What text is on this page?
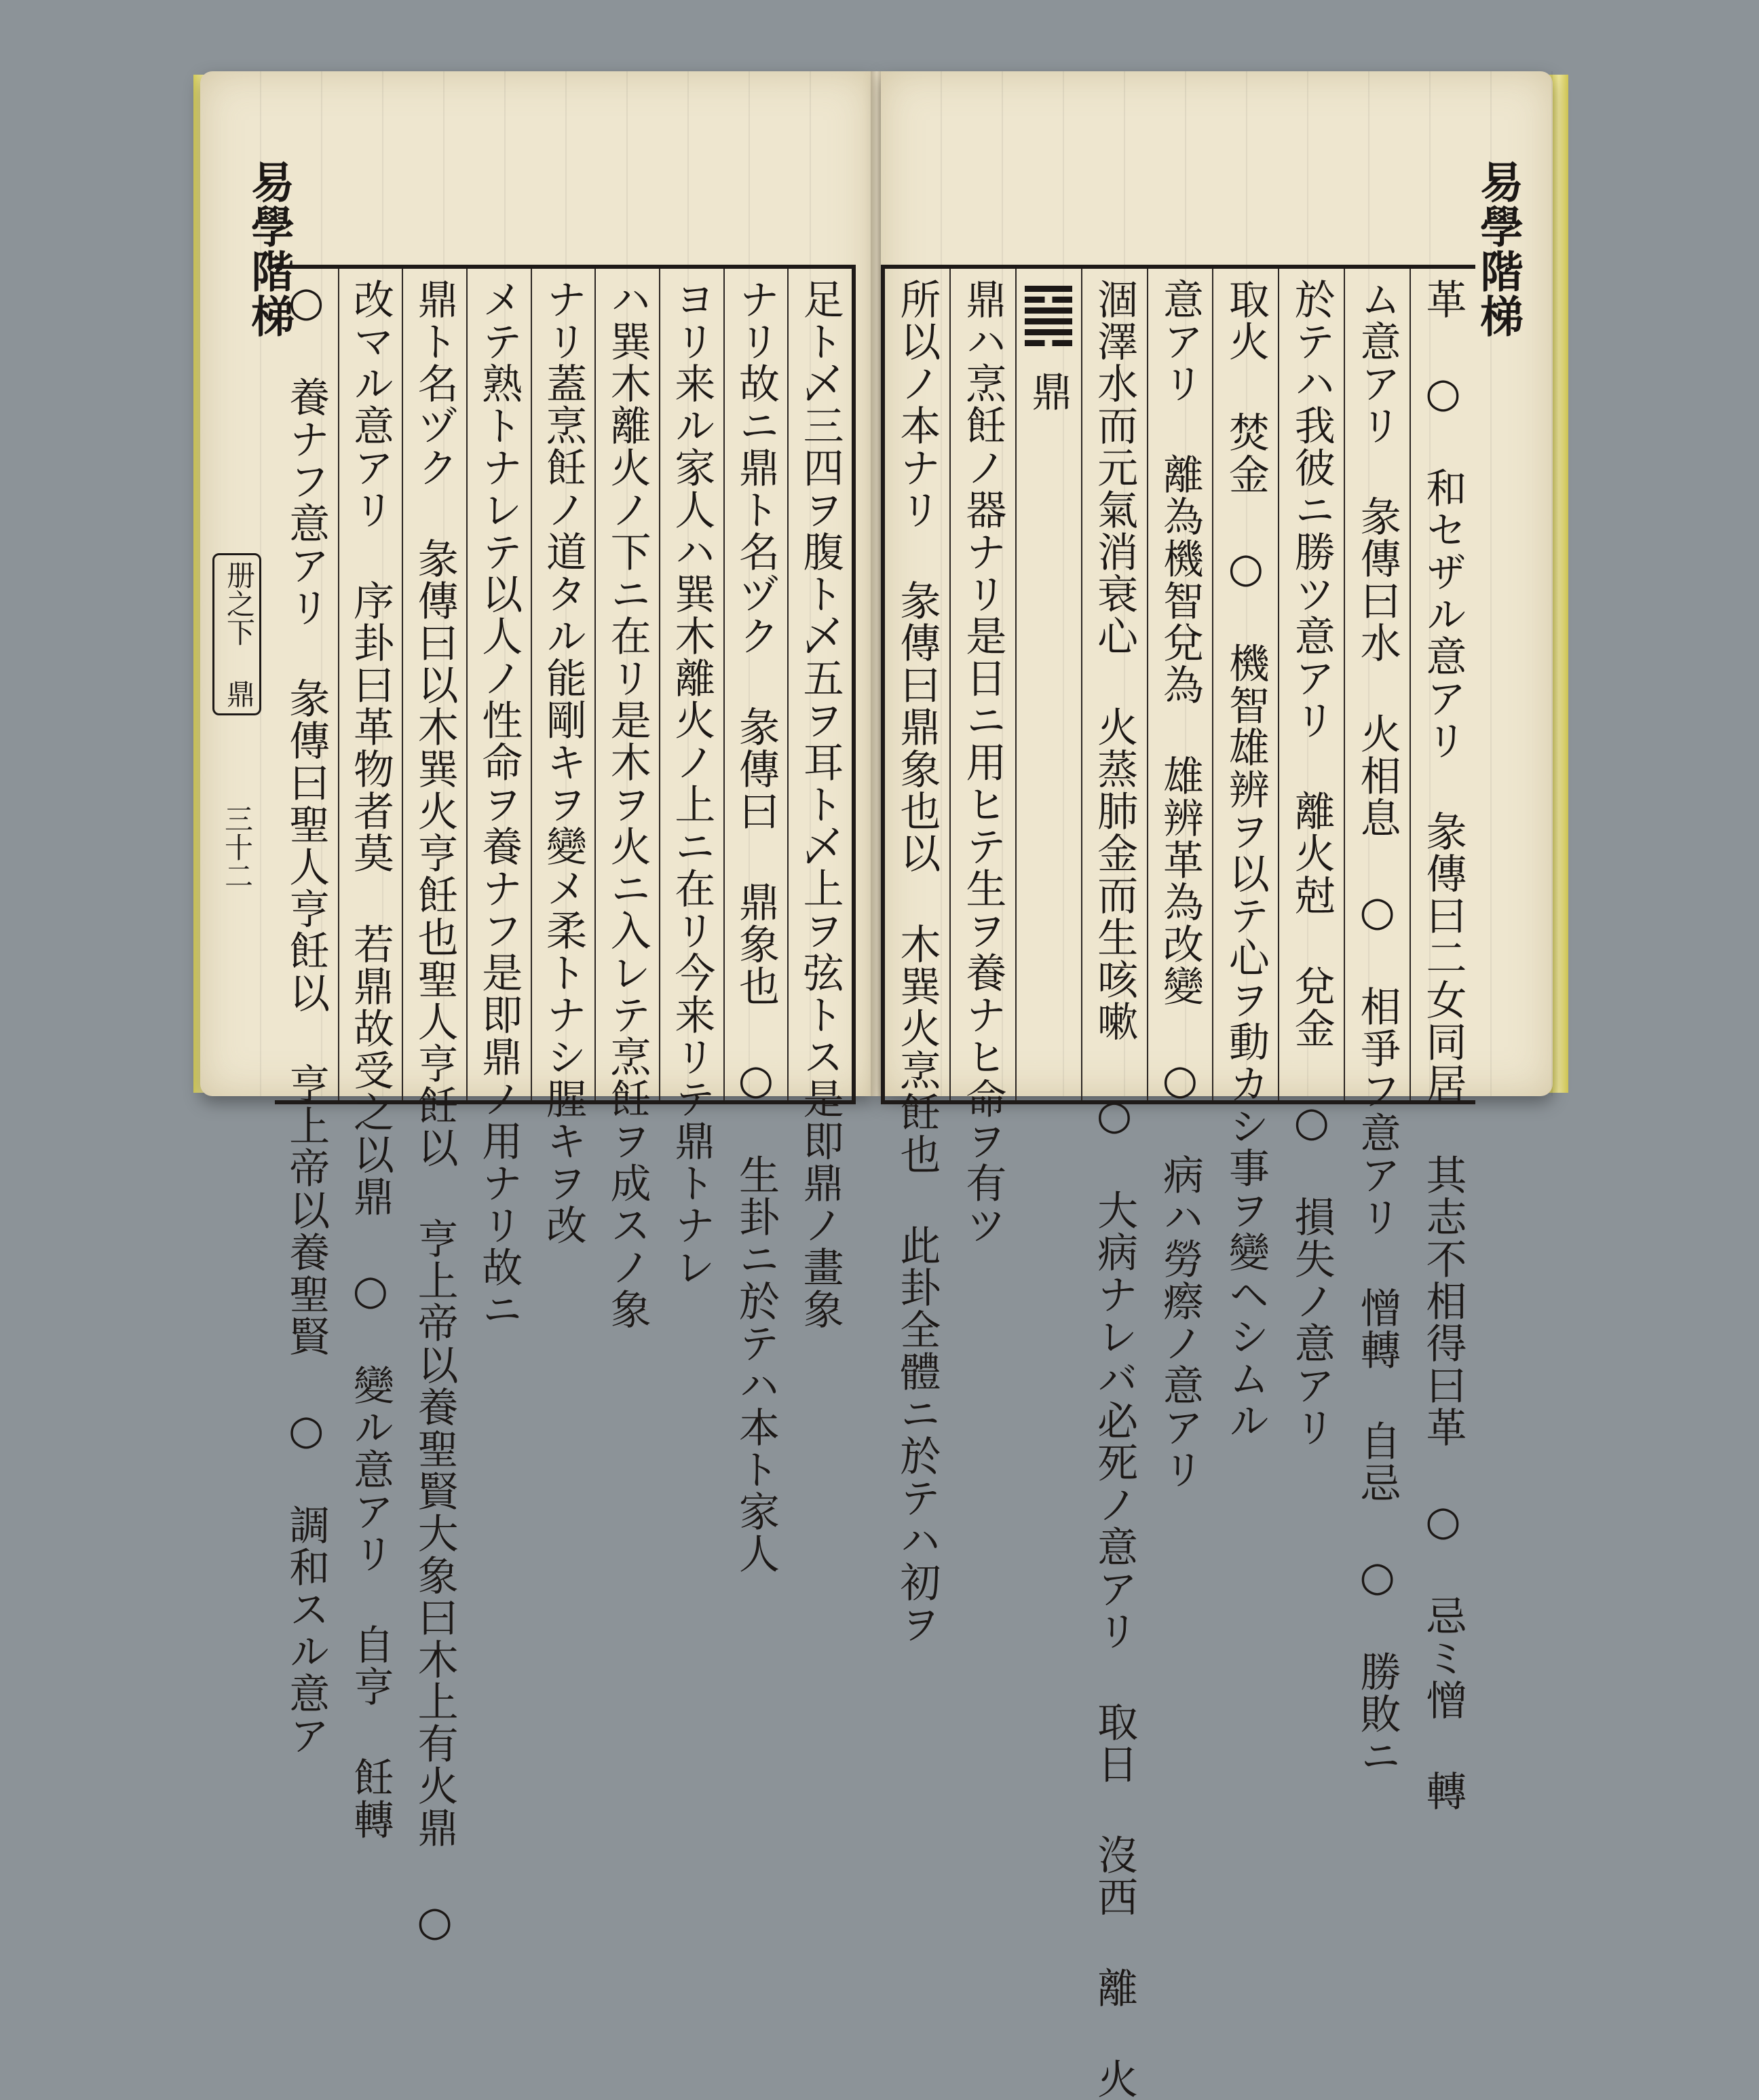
易學階梯
册之下 鼎
三十二	足ト乄三四ヲ腹ト乄五ヲ耳ト乄上ヲ弦トス是即鼎ノ畫象
ナリ故ニ鼎ト名ヅク 彖傳曰 鼎象也 ○ 生卦ニ於テハ本ト家人
ヨリ来ル家人ハ巽木離火ノ上ニ在リ今来リテ鼎トナレ
ハ巽木離火ノ下ニ在リ是木ヲ火ニ入レテ烹飪ヲ成スノ象
ナリ蓋烹飪ノ道タル能剛キヲ變メ柔トナシ腥キヲ改
メテ熟トナレテ以人ノ性命ヲ養ナフ是即鼎ノ用ナリ故ニ
鼎ト名ヅク 彖傳曰以木巽火亨飪也聖人亨飪以 亨上帝以養聖賢大象曰木上有火鼎 ○
改マル意アリ 序卦曰革物者莫 若鼎故受之以鼎 ○ 變ル意アリ 自亨 飪轉
○ 養ナフ意アリ 彖傳曰聖人亨飪以 亨上帝以養聖賢 ○ 調和スル意ア
易學階梯
革 ○ 和セザル意アリ 彖傳曰二女同居 其志不相得曰革 ○ 忌ミ憎 轉
ム意アリ 彖傳曰水 火相息 ○ 相爭フ意アリ 憎轉 自忌 ○ 勝敗ニ
於テハ我彼ニ勝ツ意アリ 離火尅 兌金 ○ 損失ノ意アリ
取火 焚金 ○ 機智雄辨ヲ以テ心ヲ動カシ事ヲ變ヘシムル
意アリ 離為機智兌為 雄辨革為改變 ○ 病ハ勞瘵ノ意アリ
涸澤水而元氣消衰心 火蒸肺金而生咳嗽 ○ 大病ナレバ必死ノ意アリ 取日 沒西 離 火
鼎
鼎ハ烹飪ノ器ナリ是日ニ用ヒテ生ヲ養ナヒ命ヲ有ツ
所以ノ本ナリ 彖傳曰鼎象也以 木巽火烹飪也 此卦全體ニ於テハ初ヲ
